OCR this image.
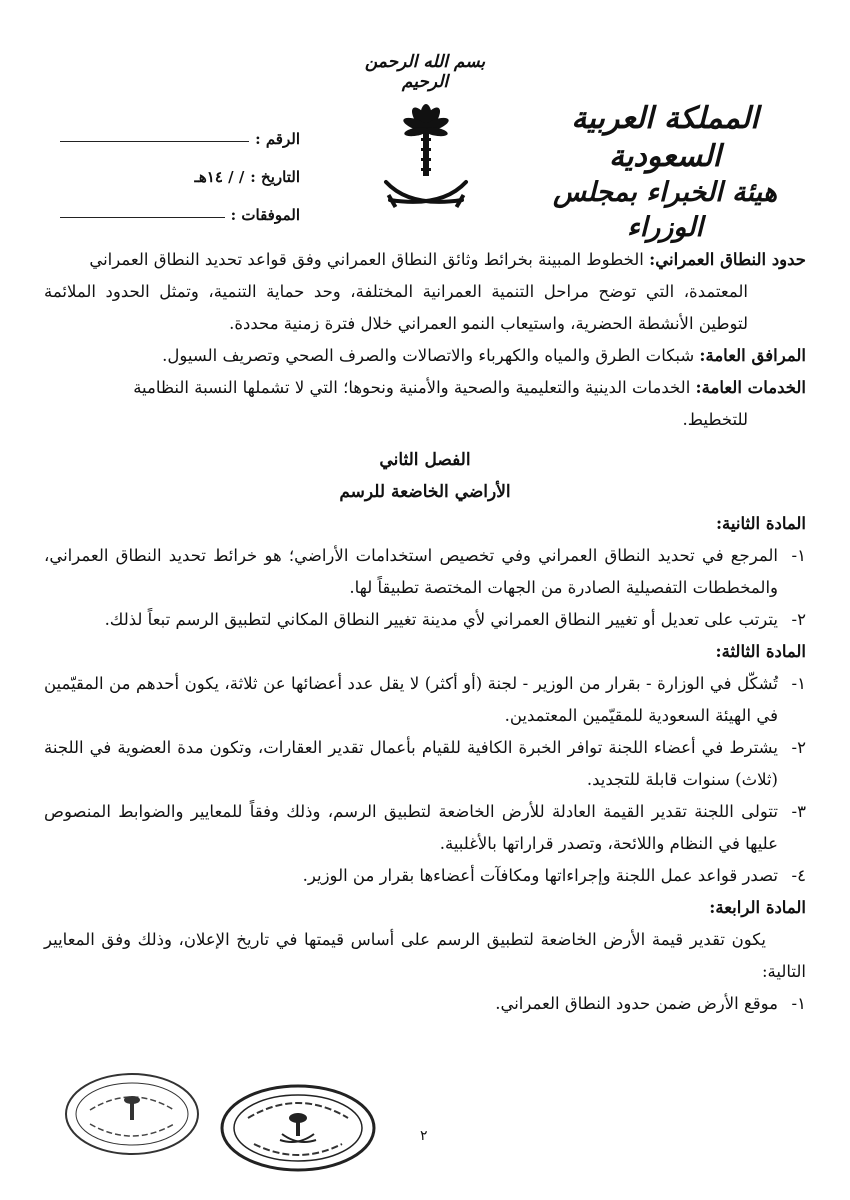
بسم الله الرحمن الرحيم
المملكة العربية السعودية
هيئة الخبراء بمجلس الوزراء
الرقم :
التاريخ :
/ / ١٤هـ
الموفقات :

حدود النطاق العمراني: الخطوط المبينة بخرائط وثائق النطاق العمراني وفق قواعد تحديد النطاق العمراني

المعتمدة، التي توضح مراحل التنمية العمرانية المختلفة، وحد حماية التنمية، وتمثل الحدود الملائمة لتوطين الأنشطة الحضرية، واستيعاب النمو العمراني خلال فترة زمنية محددة.

المرافق العامة: شبكات الطرق والمياه والكهرباء والاتصالات والصرف الصحي وتصريف السيول.

الخدمات العامة: الخدمات الدينية والتعليمية والصحية والأمنية ونحوها؛ التي لا تشملها النسبة النظامية

للتخطيط.

الفصل الثاني

الأراضي الخاضعة للرسم

المادة الثانية:

١-
المرجع في تحديد النطاق العمراني وفي تخصيص استخدامات الأراضي؛ هو خرائط تحديد النطاق العمراني، والمخططات التفصيلية الصادرة من الجهات المختصة تطبيقاً لها.
٢-
يترتب على تعديل أو تغيير النطاق العمراني لأي مدينة تغيير النطاق المكاني لتطبيق الرسم تبعاً لذلك.

المادة الثالثة:

١-
تُشكّل في الوزارة - بقرار من الوزير - لجنة (أو أكثر) لا يقل عدد أعضائها عن ثلاثة، يكون أحدهم من المقيّمين في الهيئة السعودية للمقيّمين المعتمدين.
٢-
يشترط في أعضاء اللجنة توافر الخبرة الكافية للقيام بأعمال تقدير العقارات، وتكون مدة العضوية في اللجنة (ثلاث) سنوات قابلة للتجديد.
٣-
تتولى اللجنة تقدير القيمة العادلة للأرض الخاضعة لتطبيق الرسم، وذلك وفقاً للمعايير والضوابط المنصوص عليها في النظام واللائحة، وتصدر قراراتها بالأغلبية.
٤-
تصدر قواعد عمل اللجنة وإجراءاتها ومكافآت أعضاءها بقرار من الوزير.

المادة الرابعة:

يكون تقدير قيمة الأرض الخاضعة لتطبيق الرسم على أساس قيمتها في تاريخ الإعلان، وذلك وفق المعايير التالية:

١-
موقع الأرض ضمن حدود النطاق العمراني.
٢
